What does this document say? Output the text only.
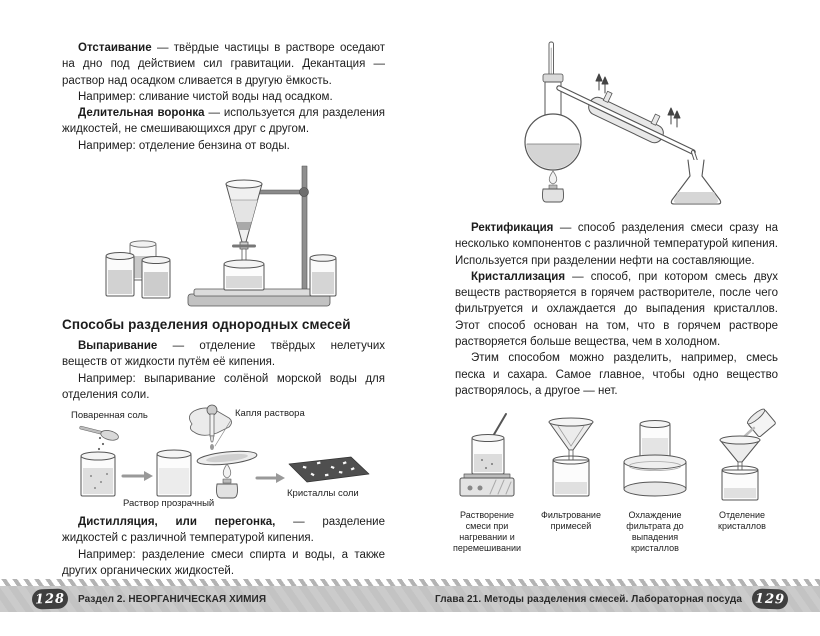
Отстаивание — твёрдые частицы в растворе оседают на дно под действием сил гравитации. Декантация — раствор над осадком сливается в другую ёмкость.

Например: сливание чистой воды над осадком.

Делительная воронка — используется для разделения жидкостей, не смешивающихся друг с другом.

Например: отделение бензина от воды.

Способы разделения однородных смесей

Выпаривание — отделение твёрдых нелетучих веществ от жидкости путём её кипения.

Например: выпаривание солёной морской воды для отделения соли.

Поваренная соль	Капля раствора
Раствор прозрачный
Кристаллы соли

Дистилляция, или перегонка, — разделение жидкостей с различной температурой кипения.

Например: разделение смеси спирта и воды, а также других органических жидкостей.

Ректификация — способ разделения смеси сразу на несколько компонентов с различной температурой кипения. Используется при разделении нефти на составляющие.

Кристаллизация — способ, при котором смесь двух веществ растворяется в горячем растворителе, после чего фильтруется и охлаждается до выпадения кристаллов. Этот способ основан на том, что в горячем растворе растворяется больше вещества, чем в холодном.

Этим способом можно разделить, например, смесь песка и сахара. Самое главное, чтобы одно вещество растворялось, а другое — нет.

Растворение смеси при нагревании и перемешивании
Фильтрование примесей
Охлаждение фильтрата до выпадения кристаллов
Отделение кристаллов
128 Раздел 2. НЕОРГАНИЧЕСКАЯ ХИМИЯ	Глава 21. Методы разделения смесей. Лабораторная посуда 129
